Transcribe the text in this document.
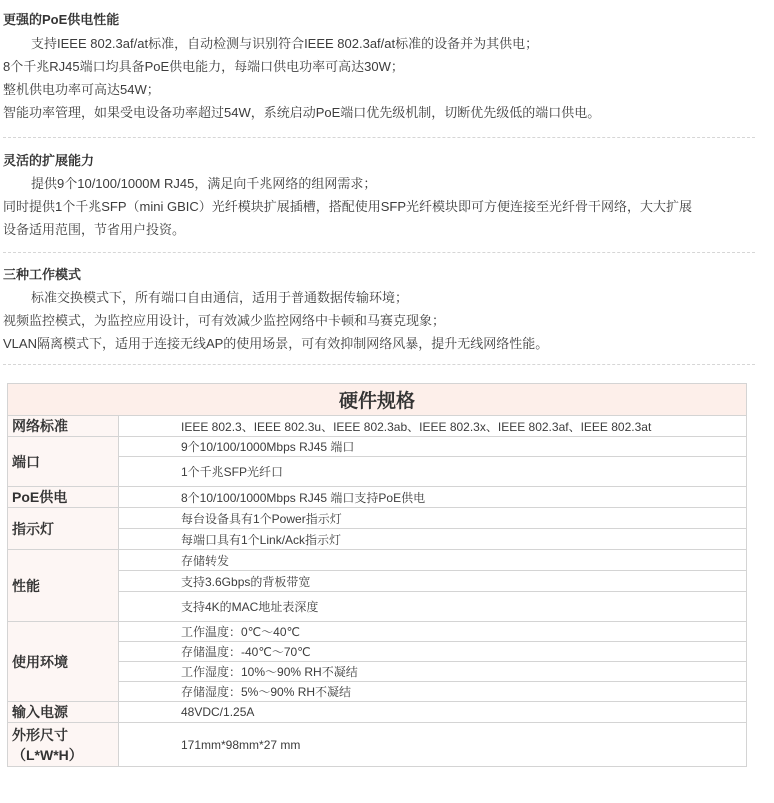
更强的PoE供电性能
支持IEEE 802.3af/at标准，自动检测与识别符合IEEE 802.3af/at标准的设备并为其供电；
8个千兆RJ45端口均具备PoE供电能力，每端口供电功率可高达30W；
整机供电功率可高达54W；
智能功率管理，如果受电设备功率超过54W，系统启动PoE端口优先级机制，切断优先级低的端口供电。
灵活的扩展能力
提供9个10/100/1000M RJ45，满足向千兆网络的组网需求；
同时提供1个千兆SFP（mini GBIC）光纤模块扩展插槽，搭配使用SFP光纤模块即可方便连接至光纤骨干网络，大大扩展
设备适用范围，节省用户投资。
三种工作模式
标准交换模式下，所有端口自由通信，适用于普通数据传输环境；
视频监控模式，为监控应用设计，可有效减少监控网络中卡顿和马赛克现象；
VLAN隔离模式下，适用于连接无线AP的使用场景，可有效抑制网络风暴，提升无线网络性能。
硬件规格	
网络标准	IEEE 802.3、IEEE 802.3u、IEEE 802.3ab、IEEE 802.3x、IEEE 802.3af、IEEE 802.3at
端口	9个10/100/1000Mbps RJ45 端口
	1个千兆SFP光纤口
PoE供电	8个10/100/1000Mbps RJ45 端口支持PoE供电
指示灯	每台设备具有1个Power指示灯
	每端口具有1个Link/Ack指示灯
性能	存储转发
	支持3.6Gbps的背板带宽
	支持4K的MAC地址表深度
使用环境	工作温度：0℃～40℃
	存储温度：-40℃～70℃
	工作湿度：10%～90% RH不凝结
	存储湿度：5%～90% RH不凝结
输入电源	48VDC/1.25A

外形尺寸
（L*W*H）	171mm*98mm*27 mm
